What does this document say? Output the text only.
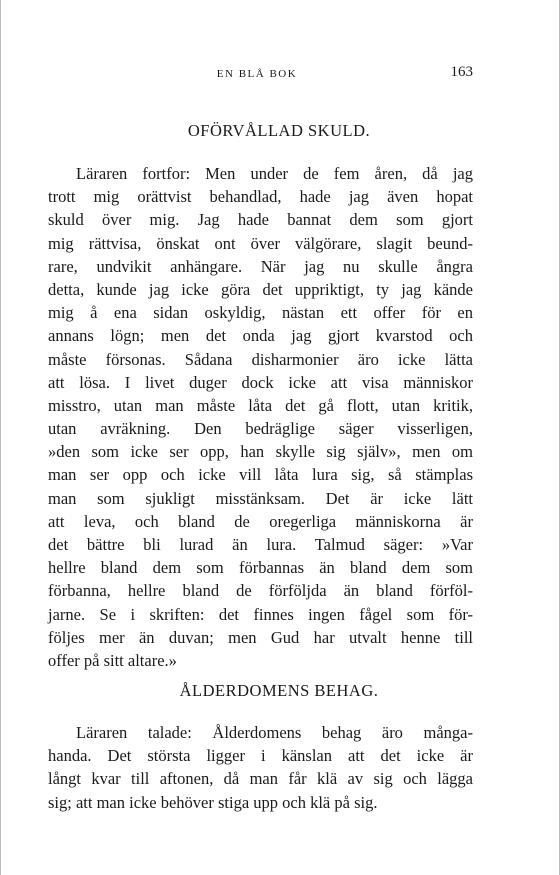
EN BLÅ BOK	163
OFÖRVÅLLAD SKULD.
Läraren fortfor: Men under de fem åren, då jag
trott mig orättvist behandlad, hade jag även hopat
skuld över mig. Jag hade bannat dem som gjort
mig rättvisa, önskat ont över välgörare, slagit beund-
rare, undvikit anhängare. När jag nu skulle ångra
detta, kunde jag icke göra det uppriktigt, ty jag kände
mig å ena sidan oskyldig, nästan ett offer för en
annans lögn; men det onda jag gjort kvarstod och
måste försonas. Sådana disharmonier äro icke lätta
att lösa. I livet duger dock icke att visa människor
misstro, utan man måste låta det gå flott, utan kritik,
utan avräkning. Den bedräglige säger visserligen,
»den som icke ser opp, han skylle sig själv», men om
man ser opp och icke vill låta lura sig, så stämplas
man som sjukligt misstänksam. Det är icke lätt
att leva, och bland de oregerliga människorna är
det bättre bli lurad än lura. Talmud säger: »Var
hellre bland dem som förbannas än bland dem som
förbanna, hellre bland de förföljda än bland förföl-
jarne. Se i skriften: det finnes ingen fågel som för-
följes mer än duvan; men Gud har utvalt henne till
offer på sitt altare.»
ÅLDERDOMENS BEHAG.
Läraren talade: Ålderdomens behag äro många-
handa. Det största ligger i känslan att det icke är
långt kvar till aftonen, då man får klä av sig och lägga
sig; att man icke behöver stiga upp och klä på sig.
